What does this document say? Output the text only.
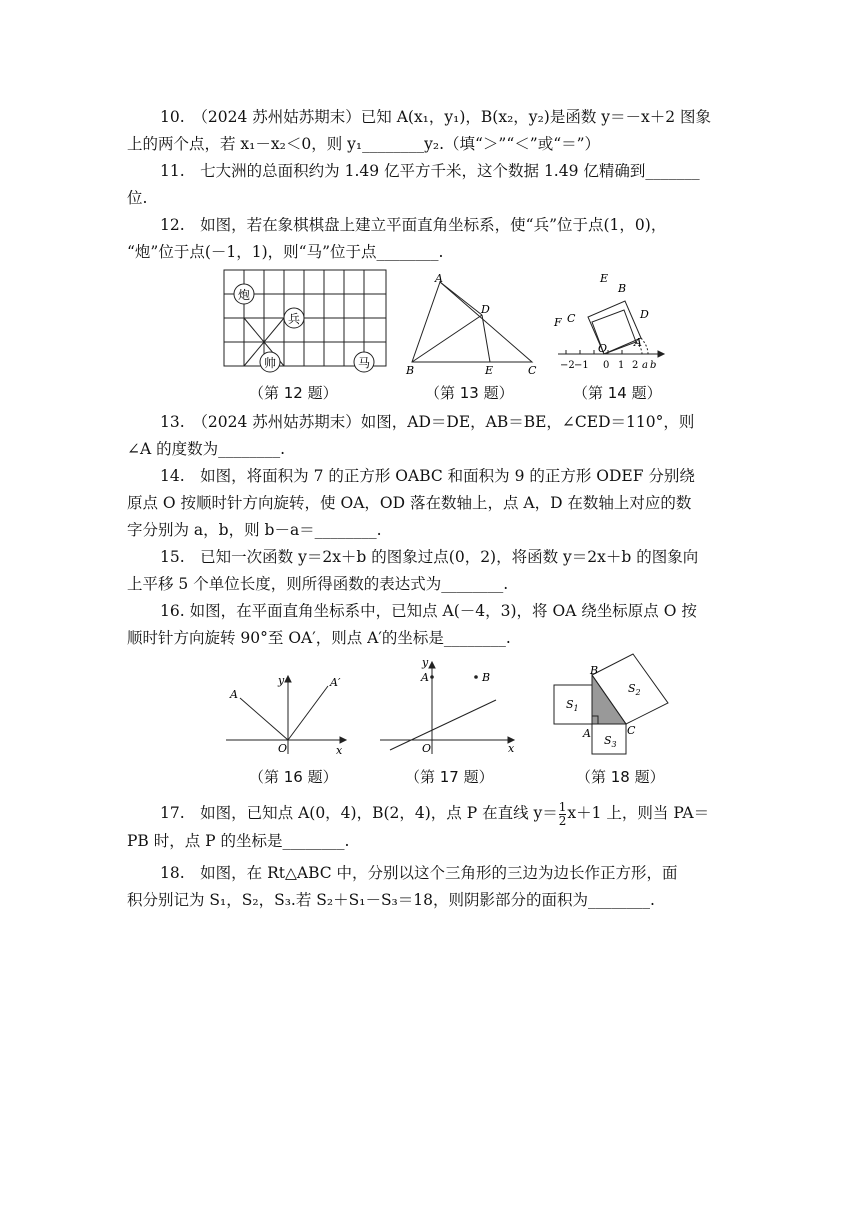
10.　（2024 苏州姑苏期末）已知 A(x₁，y₁)，B(x₂，y₂)是函数 y＝－x＋2 图象
上的两个点，若 x₁－x₂＜0，则 y₁________y₂.（填“＞”“＜”或“＝”）
11.　七大洲的总面积约为 1.49 亿平方千米，这个数据 1.49 亿精确到_______
位.
12.　如图，若在象棋棋盘上建立平面直角坐标系，使“兵”位于点(1，0)，
“炮”位于点(－1，1)，则“马”位于点________.
炮
兵
帅	马
（第 12 题）
A
B	C
D
E
（第 13 题）
E
B
F C	D
O A
−2 −1 0 1 2 a b
（第 14 题）
13.　（2024 苏州姑苏期末）如图，AD＝DE，AB＝BE，∠CED＝110°，则
∠A 的度数为________.
14.　如图，将面积为 7 的正方形 OABC 和面积为 9 的正方形 ODEF 分别绕
原点 O 按顺时针方向旋转，使 OA，OD 落在数轴上，点 A，D 在数轴上对应的数
字分别为 a，b，则 b－a＝________.
15.　已知一次函数 y＝2x＋b 的图象过点(0，2)，将函数 y＝2x＋b 的图象向
上平移 5 个单位长度，则所得函数的表达式为________.
16. 如图，在平面直角坐标系中，已知点 A(－4，3)，将 OA 绕坐标原点 O 按
顺时针方向旋转 90°至 OA′，则点 A′的坐标是________.
y
x
O
A
A′
（第 16 题）
y
x
O
A	B
（第 17 题）
B
A	C
$S_1$
$S_2$
$S_3$
（第 18 题）
17.　如图，已知点 A(0，4)，B(2，4)，点 P 在直线 $y= \frac{1}{2} x+1$ 上，则当 PA＝
PB 时，点 P 的坐标是________.
18.　如图，在 Rt△ABC 中，分别以这个三角形的三边为边长作正方形，面
积分别记为 S₁，S₂，S₃.若 S₂＋S₁－S₃＝18，则阴影部分的面积为________.
